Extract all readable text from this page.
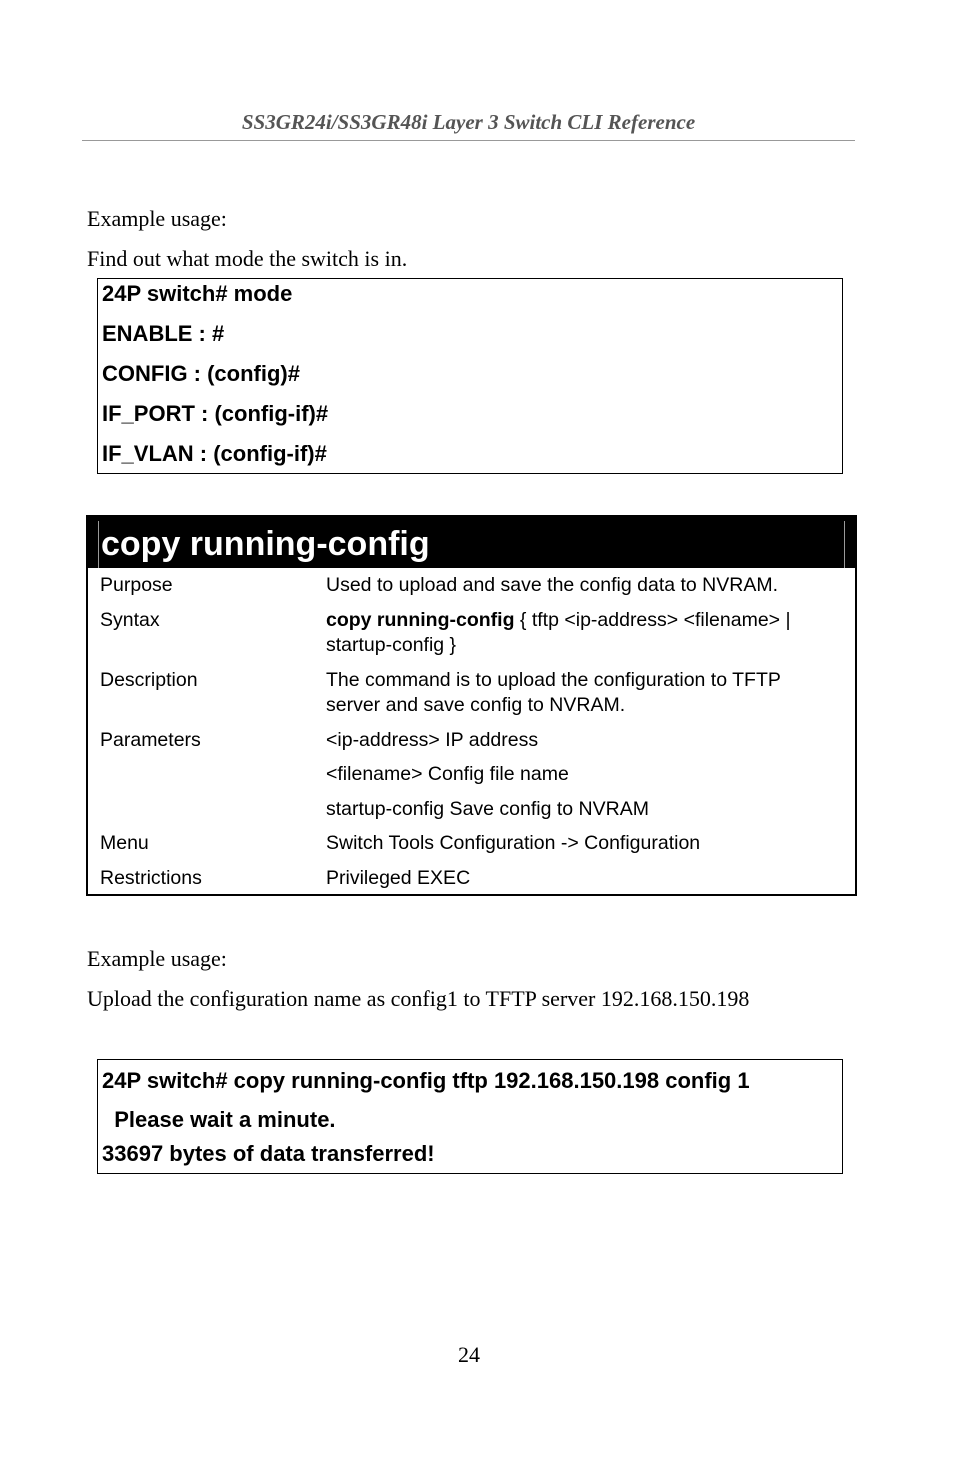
SS3GR24i/SS3GR48i Layer 3 Switch CLI Reference
Example usage:
Find out what mode the switch is in.
24P switch# mode
ENABLE : #
CONFIG : (config)#
IF_PORT : (config-if)#
IF_VLAN : (config-if)#
copy running-config
Purpose	Used to upload and save the config data to NVRAM.
Syntax	copy running-config { tftp <ip-address> <filename> |
startup-config }
Description	The command is to upload the configuration to TFTP
server and save config to NVRAM.
Parameters	<ip-address> IP address
<filename> Config file name
startup-config Save config to NVRAM
Menu	Switch Tools Configuration -> Configuration
Restrictions	Privileged EXEC
Example usage:
Upload the configuration name as config1 to TFTP server 192.168.150.198
24P switch# copy running-config tftp 192.168.150.198 config 1
Please wait a minute.
33697 bytes of data transferred!
24
